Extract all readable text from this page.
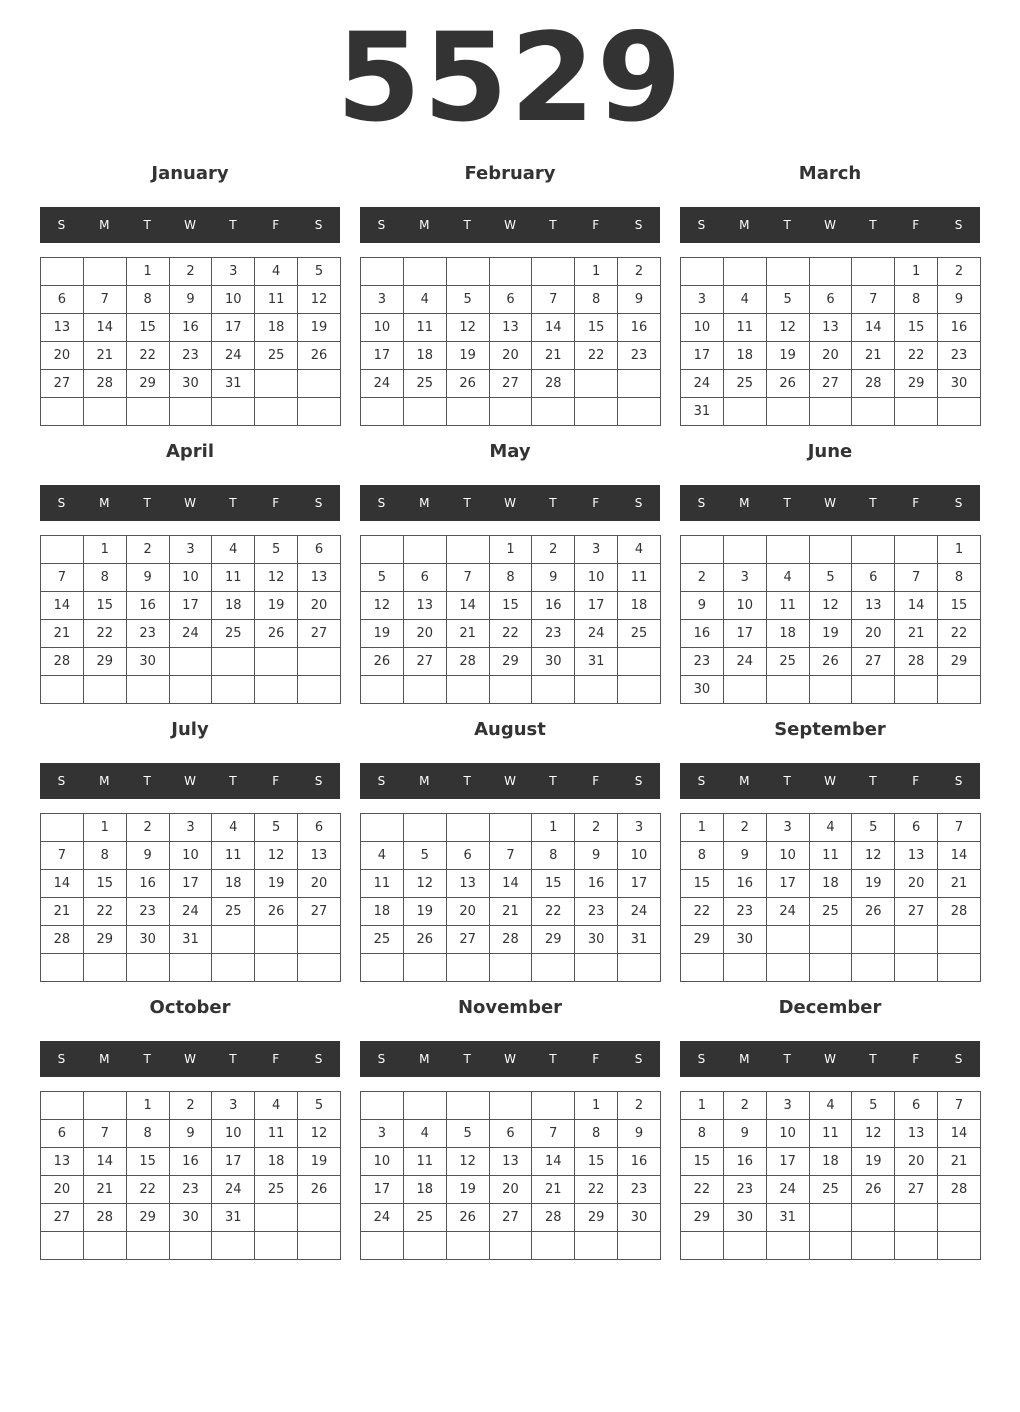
5529
January
S	M	T	W	T	F	S
		1	2	3	4	5
6	7	8	9	10	11	12
13	14	15	16	17	18	19
20	21	22	23	24	25	26
27	28	29	30	31		

February
S	M	T	W	T	F	S
					1	2
3	4	5	6	7	8	9
10	11	12	13	14	15	16
17	18	19	20	21	22	23
24	25	26	27	28		

March
S	M	T	W	T	F	S
					1	2
3	4	5	6	7	8	9
10	11	12	13	14	15	16
17	18	19	20	21	22	23
24	25	26	27	28	29	30
31						
April
S	M	T	W	T	F	S
	1	2	3	4	5	6
7	8	9	10	11	12	13
14	15	16	17	18	19	20
21	22	23	24	25	26	27
28	29	30				

May
S	M	T	W	T	F	S
			1	2	3	4
5	6	7	8	9	10	11
12	13	14	15	16	17	18
19	20	21	22	23	24	25
26	27	28	29	30	31	

June
S	M	T	W	T	F	S
						1
2	3	4	5	6	7	8
9	10	11	12	13	14	15
16	17	18	19	20	21	22
23	24	25	26	27	28	29
30						
July
S	M	T	W	T	F	S
	1	2	3	4	5	6
7	8	9	10	11	12	13
14	15	16	17	18	19	20
21	22	23	24	25	26	27
28	29	30	31			

August
S	M	T	W	T	F	S
				1	2	3
4	5	6	7	8	9	10
11	12	13	14	15	16	17
18	19	20	21	22	23	24
25	26	27	28	29	30	31

September
S	M	T	W	T	F	S
1	2	3	4	5	6	7
8	9	10	11	12	13	14
15	16	17	18	19	20	21
22	23	24	25	26	27	28
29	30					

October
S	M	T	W	T	F	S
		1	2	3	4	5
6	7	8	9	10	11	12
13	14	15	16	17	18	19
20	21	22	23	24	25	26
27	28	29	30	31		

November
S	M	T	W	T	F	S
					1	2
3	4	5	6	7	8	9
10	11	12	13	14	15	16
17	18	19	20	21	22	23
24	25	26	27	28	29	30

December
S	M	T	W	T	F	S
1	2	3	4	5	6	7
8	9	10	11	12	13	14
15	16	17	18	19	20	21
22	23	24	25	26	27	28
29	30	31				
